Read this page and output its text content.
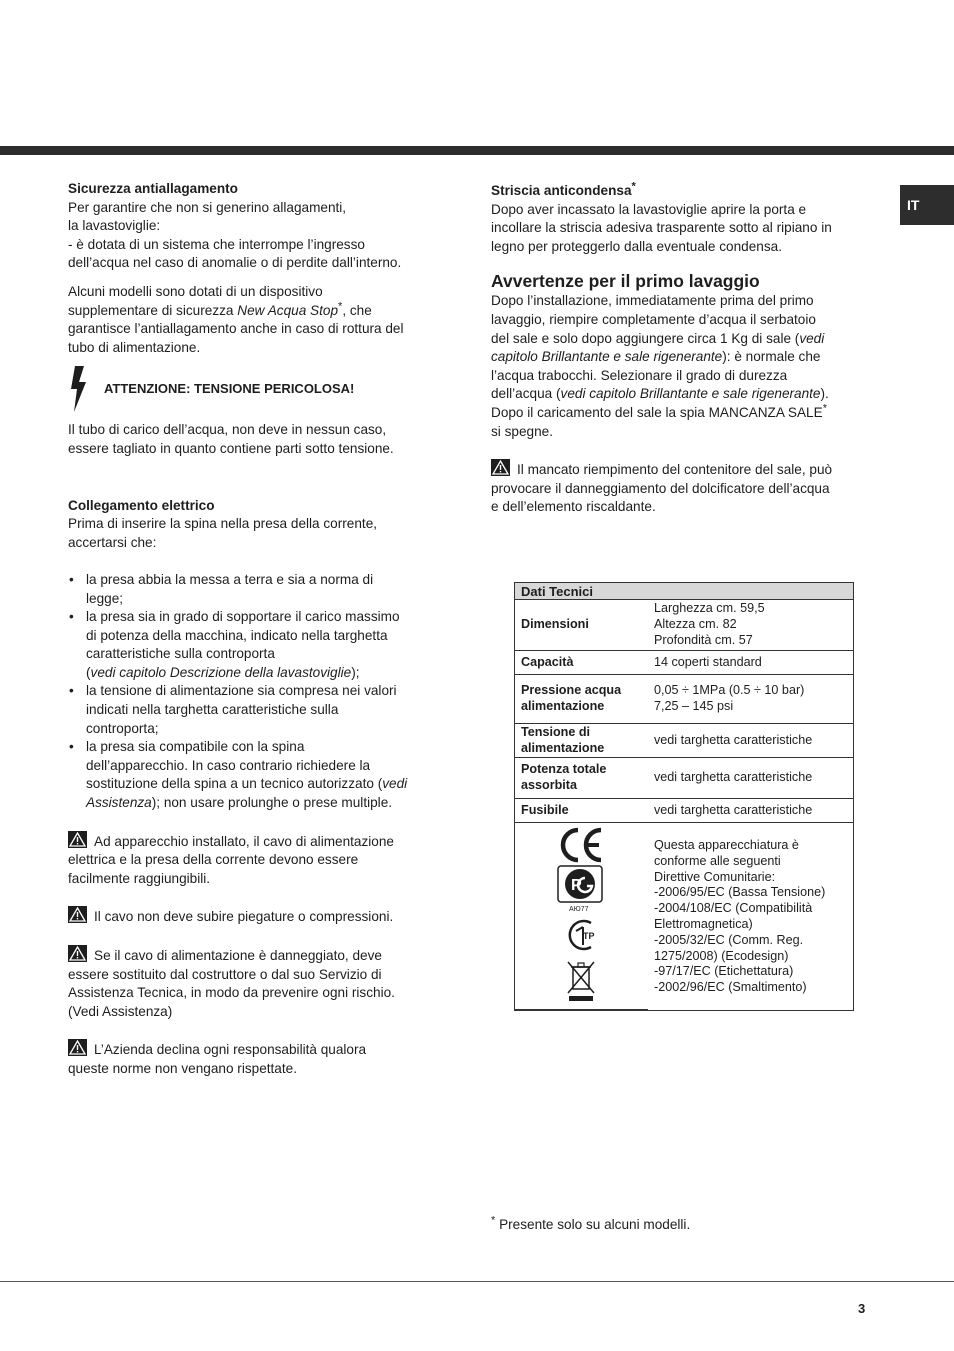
IT

Sicurezza antiallagamento

Per garantire che non si generino allagamenti,

la lavastoviglie:

- è dotata di un sistema che interrompe l’ingresso

dell’acqua nel caso di anomalie o di perdite dall’interno.

Alcuni modelli sono dotati di un dispositivo

supplementare di sicurezza New Acqua Stop*, che

garantisce l’antiallagamento anche in caso di rottura del

tubo di alimentazione.

ATTENZIONE: TENSIONE PERICOLOSA!

Il tubo di carico dell’acqua, non deve in nessun caso,

essere tagliato in quanto contiene parti sotto tensione.

Collegamento elettrico

Prima di inserire la spina nella presa della corrente,

accertarsi che:

• la presa abbia la messa a terra e sia a norma di

legge;

• la presa sia in grado di sopportare il carico massimo

di potenza della macchina, indicato nella targhetta

caratteristiche sulla controporta

(vedi capitolo Descrizione della lavastoviglie);

• la tensione di alimentazione sia compresa nei valori

indicati nella targhetta caratteristiche sulla

controporta;

• la presa sia compatibile con la spina

dell’apparecchio. In caso contrario richiedere la

sostituzione della spina a un tecnico autorizzato (vedi

Assistenza); non usare prolunghe o prese multiple.

Ad apparecchio installato, il cavo di alimentazione

elettrica e la presa della corrente devono essere

facilmente raggiungibili.

Il cavo non deve subire piegature o compressioni.

Se il cavo di alimentazione è danneggiato, deve

essere sostituito dal costruttore o dal suo Servizio di

Assistenza Tecnica, in modo da prevenire ogni rischio.

(Vedi Assistenza)

L’Azienda declina ogni responsabilità qualora

queste norme non vengano rispettate.

Striscia anticondensa*

Dopo aver incassato la lavastoviglie aprire la porta e

incollare la striscia adesiva trasparente sotto al ripiano in

legno per proteggerlo dalla eventuale condensa.

Avvertenze per il primo lavaggio

Dopo l’installazione, immediatamente prima del primo

lavaggio, riempire completamente d’acqua il serbatoio

del sale e solo dopo aggiungere circa 1 Kg di sale (vedi

capitolo Brillantante e sale rigenerante): è normale che

l’acqua trabocchi. Selezionare il grado di durezza

dell’acqua (vedi capitolo Brillantante e sale rigenerante).

Dopo il caricamento del sale la spia MANCANZA SALE*

si spegne.

Il mancato riempimento del contenitore del sale, può

provocare il danneggiamento del dolcificatore dell’acqua

e dell’elemento riscaldante.

Dati Tecnici
Dimensioni
Larghezza cm. 59,5
Altezza cm. 82
Profondità cm. 57
Capacità	14 coperti standard
Pressione acqua
alimentazione
0,05 ÷ 1MPa (0.5 ÷ 10 bar)
7,25 – 145 psi
Tensione di
alimentazione
vedi targhetta caratteristiche
Potenza totale
assorbita
vedi targhetta caratteristiche
Fusibile	vedi targhetta caratteristiche
P
АЮ77
ТР
Questa apparecchiatura è
conforme alle seguenti
Direttive Comunitarie:
-2006/95/EC (Bassa Tensione)
-2004/108/EC (Compatibilità
Elettromagnetica)
-2005/32/EC (Comm. Reg.
1275/2008) (Ecodesign)
-97/17/EC (Etichettatura)
-2002/96/EC (Smaltimento)

* Presente solo su alcuni modelli.

3
